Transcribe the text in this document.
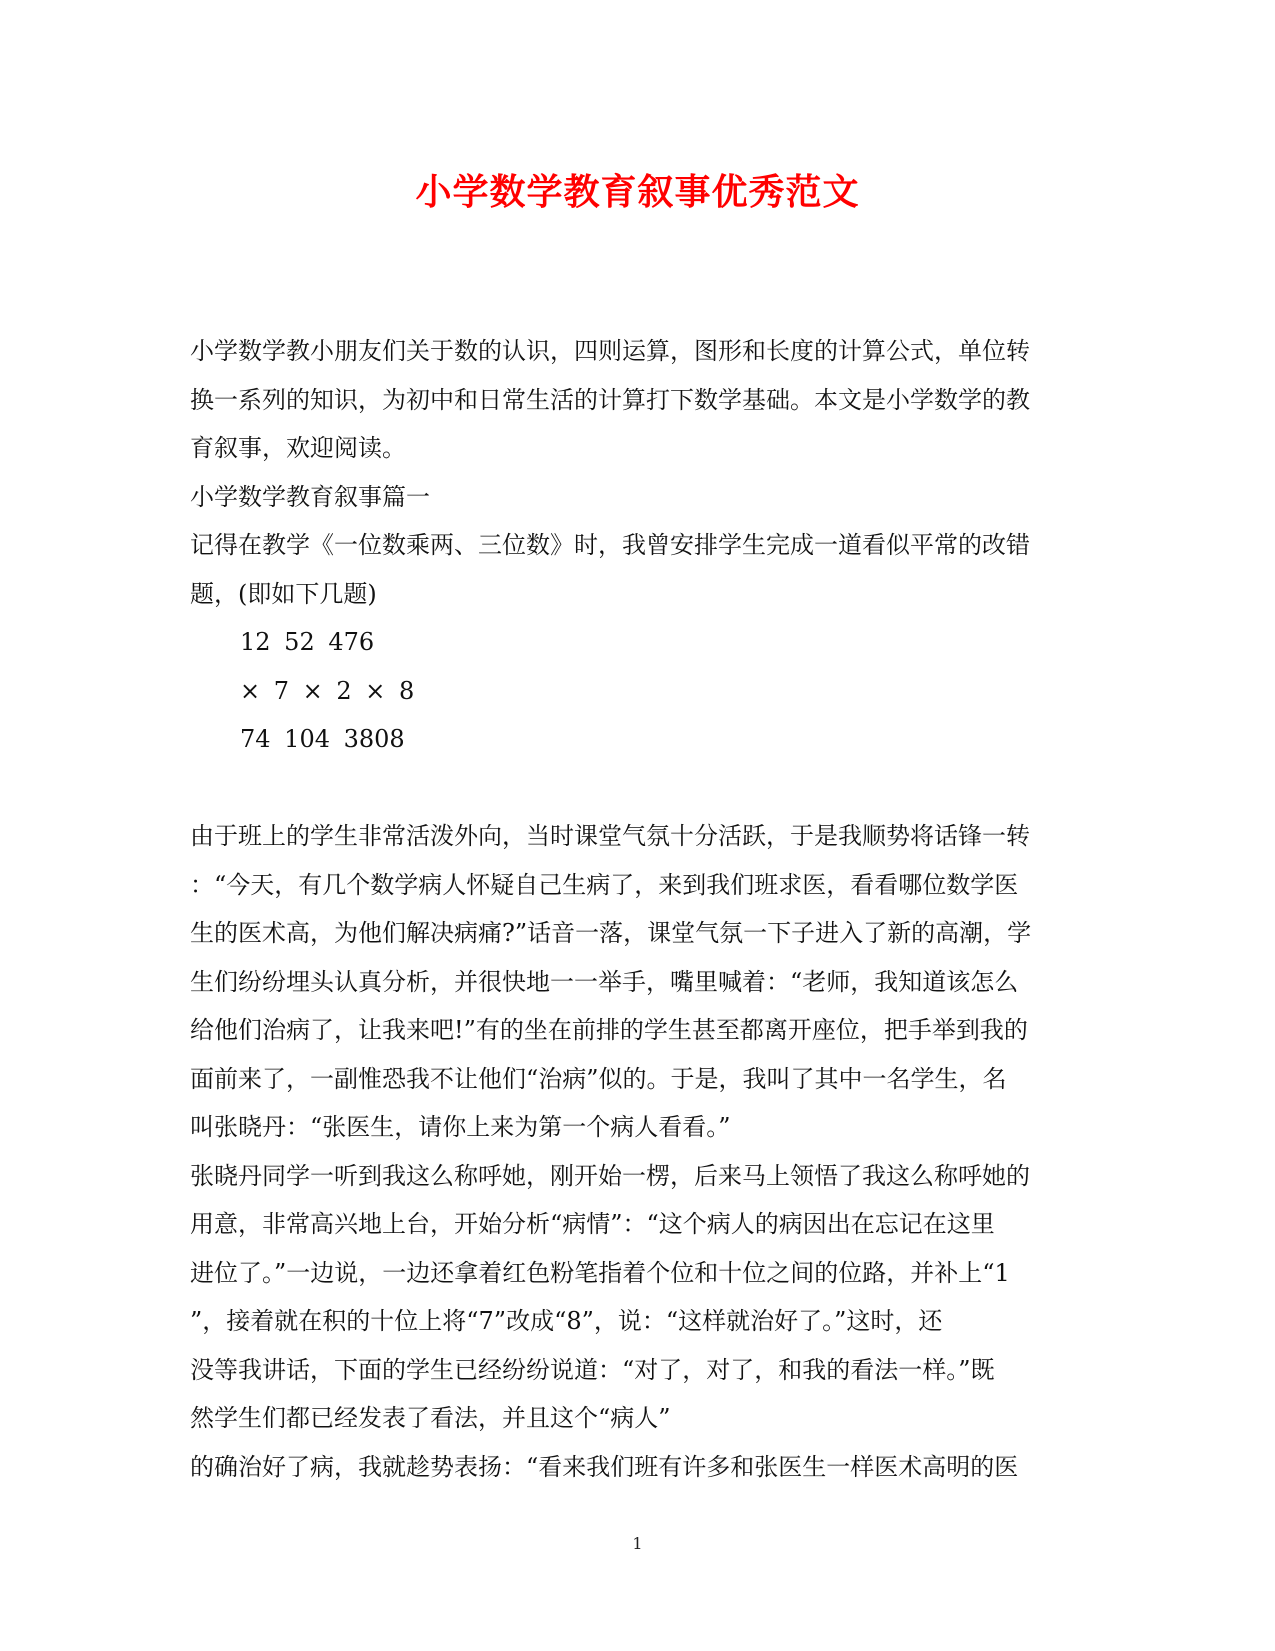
小学数学教育叙事优秀范文
小学数学教小朋友们关于数的认识，四则运算，图形和长度的计算公式，单位转
换一系列的知识，为初中和日常生活的计算打下数学基础。本文是小学数学的教
育叙事，欢迎阅读。
小学数学教育叙事篇一
记得在教学《一位数乘两、三位数》时，我曾安排学生完成一道看似平常的改错
题，(即如下几题)
12 52 476
× 7 × 2 × 8
74 104 3808
由于班上的学生非常活泼外向，当时课堂气氛十分活跃，于是我顺势将话锋一转
：“今天，有几个数学病人怀疑自己生病了，来到我们班求医，看看哪位数学医
生的医术高，为他们解决病痛?”话音一落，课堂气氛一下子进入了新的高潮，学
生们纷纷埋头认真分析，并很快地一一举手，嘴里喊着：“老师，我知道该怎么
给他们治病了，让我来吧!”有的坐在前排的学生甚至都离开座位，把手举到我的
面前来了，一副惟恐我不让他们“治病”似的。于是，我叫了其中一名学生，名
叫张晓丹：“张医生，请你上来为第一个病人看看。”
张晓丹同学一听到我这么称呼她，刚开始一楞，后来马上领悟了我这么称呼她的
用意，非常高兴地上台，开始分析“病情”：“这个病人的病因出在忘记在这里
进位了。”一边说，一边还拿着红色粉笔指着个位和十位之间的位路，并补上“1
”，接着就在积的十位上将“7”改成“8”，说：“这样就治好了。”这时，还
没等我讲话，下面的学生已经纷纷说道：“对了，对了，和我的看法一样。”既
然学生们都已经发表了看法，并且这个“病人”
的确治好了病，我就趁势表扬：“看来我们班有许多和张医生一样医术高明的医
1
